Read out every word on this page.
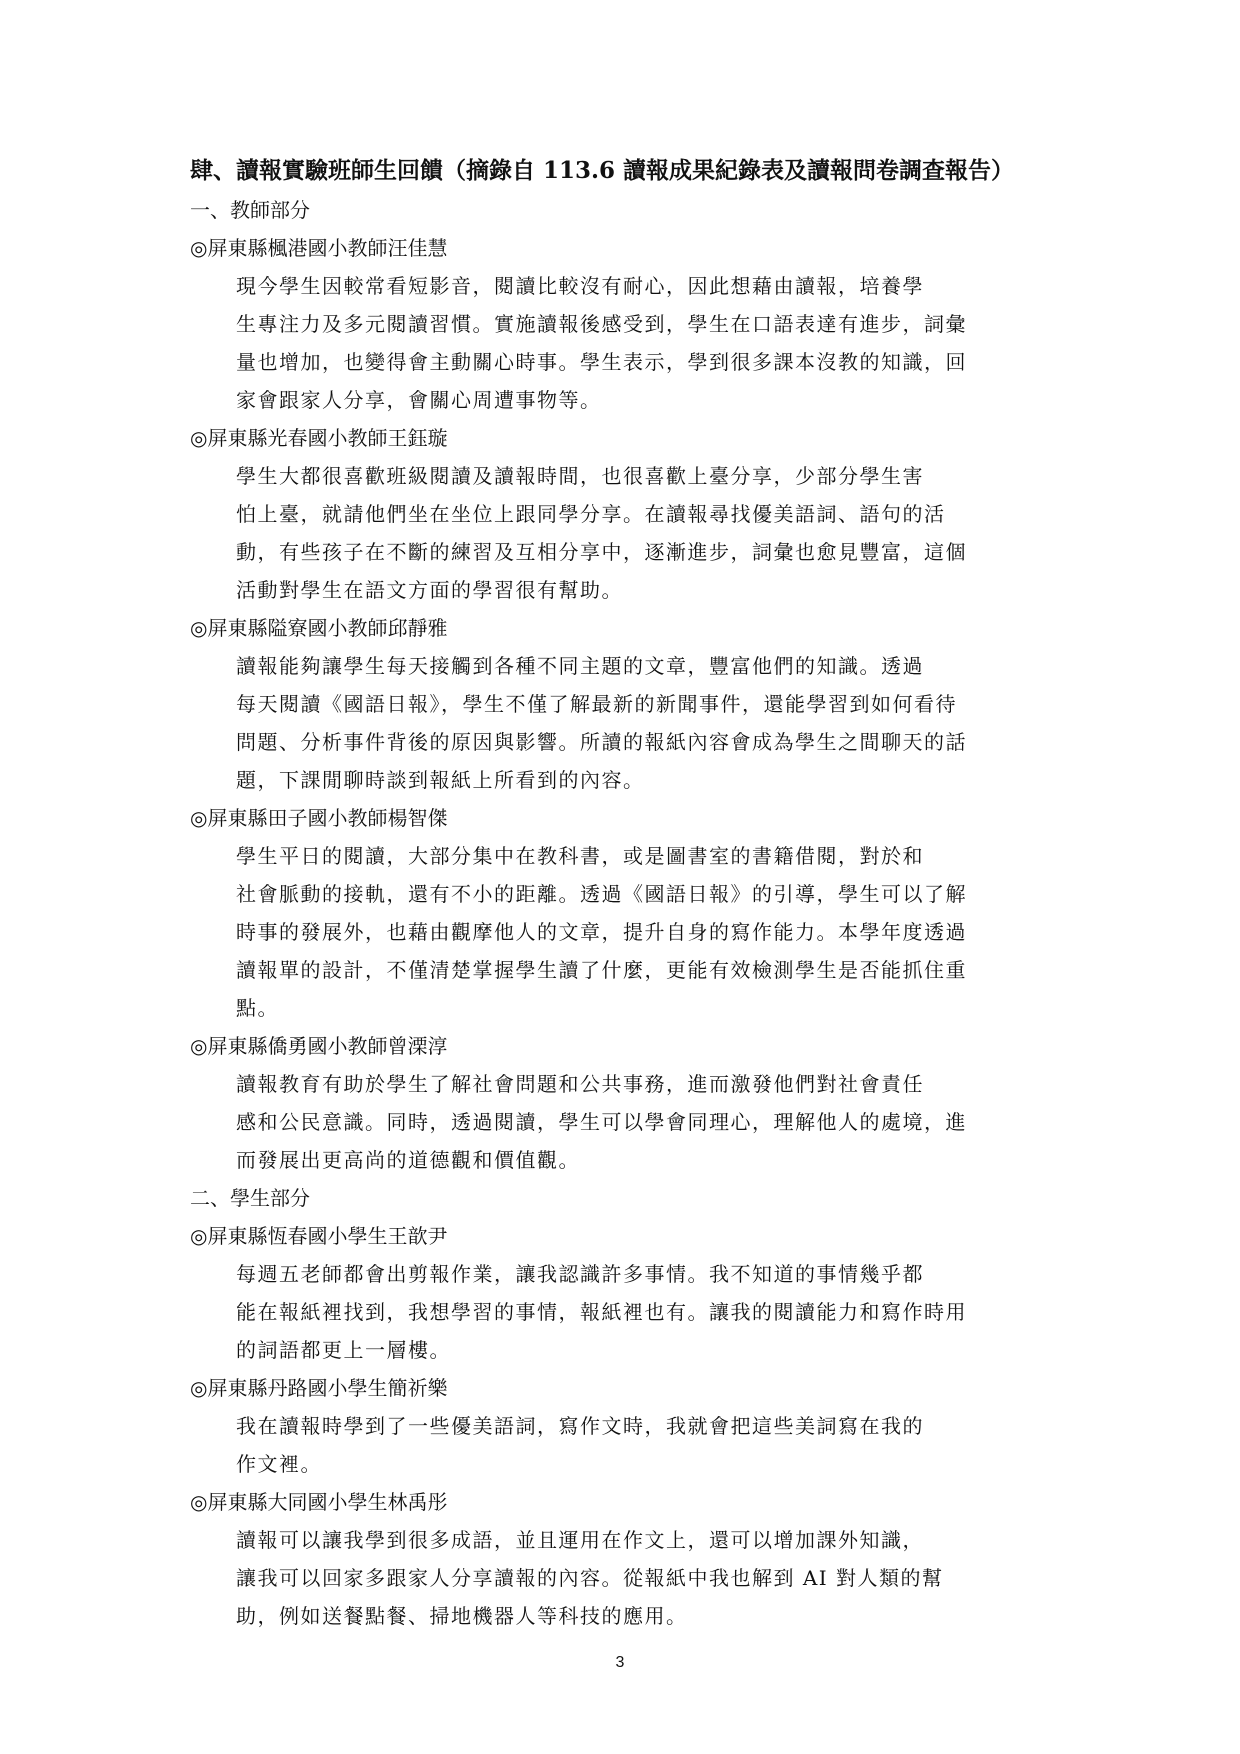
肆、讀報實驗班師生回饋（摘錄自 113.6 讀報成果紀錄表及讀報問卷調查報告）
一、教師部分
◎屏東縣楓港國小教師汪佳慧

現今學生因較常看短影音，閱讀比較沒有耐心，因此想藉由讀報，培養學
生專注力及多元閱讀習慣。實施讀報後感受到，學生在口語表達有進步，詞彙
量也增加，也變得會主動關心時事。學生表示，學到很多課本沒教的知識，回
家會跟家人分享，會關心周遭事物等。

◎屏東縣光春國小教師王鈺璇

學生大都很喜歡班級閱讀及讀報時間，也很喜歡上臺分享，少部分學生害
怕上臺，就請他們坐在坐位上跟同學分享。在讀報尋找優美語詞、語句的活
動，有些孩子在不斷的練習及互相分享中，逐漸進步，詞彙也愈見豐富，這個
活動對學生在語文方面的學習很有幫助。

◎屏東縣隘寮國小教師邱靜雅

讀報能夠讓學生每天接觸到各種不同主題的文章，豐富他們的知識。透過
每天閱讀《國語日報》，學生不僅了解最新的新聞事件，還能學習到如何看待
問題、分析事件背後的原因與影響。所讀的報紙內容會成為學生之間聊天的話
題，下課閒聊時談到報紙上所看到的內容。

◎屏東縣田子國小教師楊智傑

學生平日的閱讀，大部分集中在教科書，或是圖書室的書籍借閱，對於和
社會脈動的接軌，還有不小的距離。透過《國語日報》的引導，學生可以了解
時事的發展外，也藉由觀摩他人的文章，提升自身的寫作能力。本學年度透過
讀報單的設計，不僅清楚掌握學生讀了什麼，更能有效檢測學生是否能抓住重
點。

◎屏東縣僑勇國小教師曾溧淳

讀報教育有助於學生了解社會問題和公共事務，進而激發他們對社會責任
感和公民意識。同時，透過閱讀，學生可以學會同理心，理解他人的處境，進
而發展出更高尚的道德觀和價值觀。

二、學生部分
◎屏東縣恆春國小學生王歆尹

每週五老師都會出剪報作業，讓我認識許多事情。我不知道的事情幾乎都
能在報紙裡找到，我想學習的事情，報紙裡也有。讓我的閱讀能力和寫作時用
的詞語都更上一層樓。

◎屏東縣丹路國小學生簡祈樂

我在讀報時學到了一些優美語詞，寫作文時，我就會把這些美詞寫在我的
作文裡。

◎屏東縣大同國小學生林禹彤

讀報可以讓我學到很多成語，並且運用在作文上，還可以增加課外知識，
讓我可以回家多跟家人分享讀報的內容。從報紙中我也解到 AI 對人類的幫
助，例如送餐點餐、掃地機器人等科技的應用。

3
